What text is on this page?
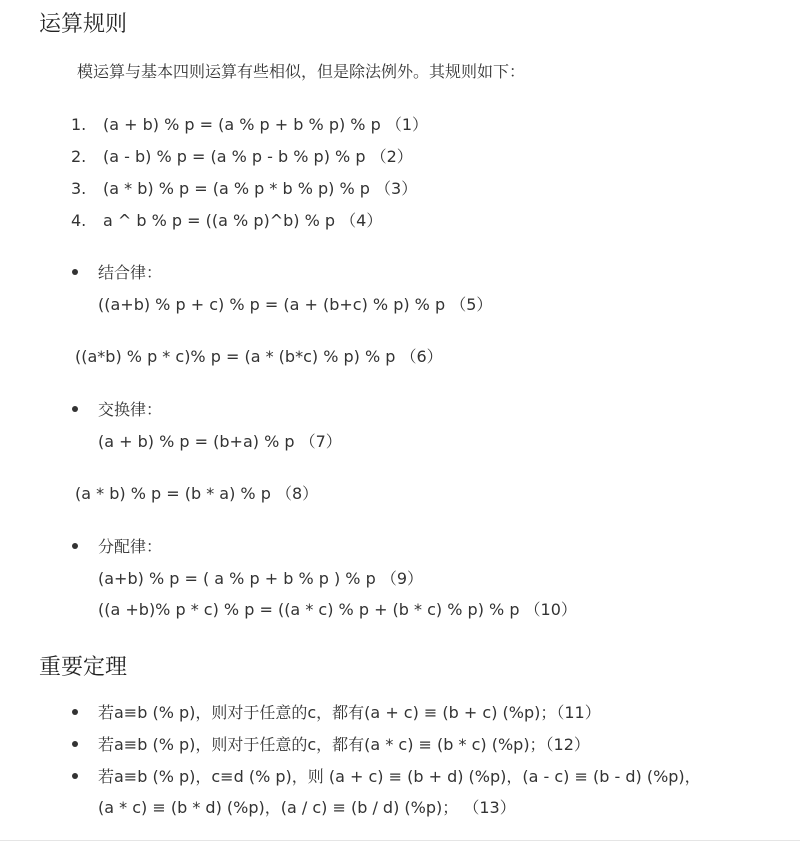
运算规则
模运算与基本四则运算有些相似，但是除法例外。其规则如下：
1. (a + b) % p = (a % p + b % p) % p （1）
2. (a - b) % p = (a % p - b % p) % p （2）
3. (a * b) % p = (a % p * b % p) % p （3）
4. a ^ b % p = ((a % p)^b) % p （4）
结合律：
((a+b) % p + c) % p = (a + (b+c) % p) % p （5）
((a*b) % p * c)% p = (a * (b*c) % p) % p （6）
交换律：
(a + b) % p = (b+a) % p （7）
(a * b) % p = (b * a) % p （8）
分配律：
(a+b) % p = ( a % p + b % p ) % p （9）
((a +b)% p * c) % p = ((a * c) % p + (b * c) % p) % p （10）
重要定理
若a≡b (% p)，则对于任意的c，都有(a + c) ≡ (b + c) (%p)；（11）
若a≡b (% p)，则对于任意的c，都有(a * c) ≡ (b * c) (%p)；（12）
若a≡b (% p)，c≡d (% p)，则 (a + c) ≡ (b + d) (%p)，(a - c) ≡ (b - d) (%p)，
(a * c) ≡ (b * d) (%p)，(a / c) ≡ (b / d) (%p)； （13）
